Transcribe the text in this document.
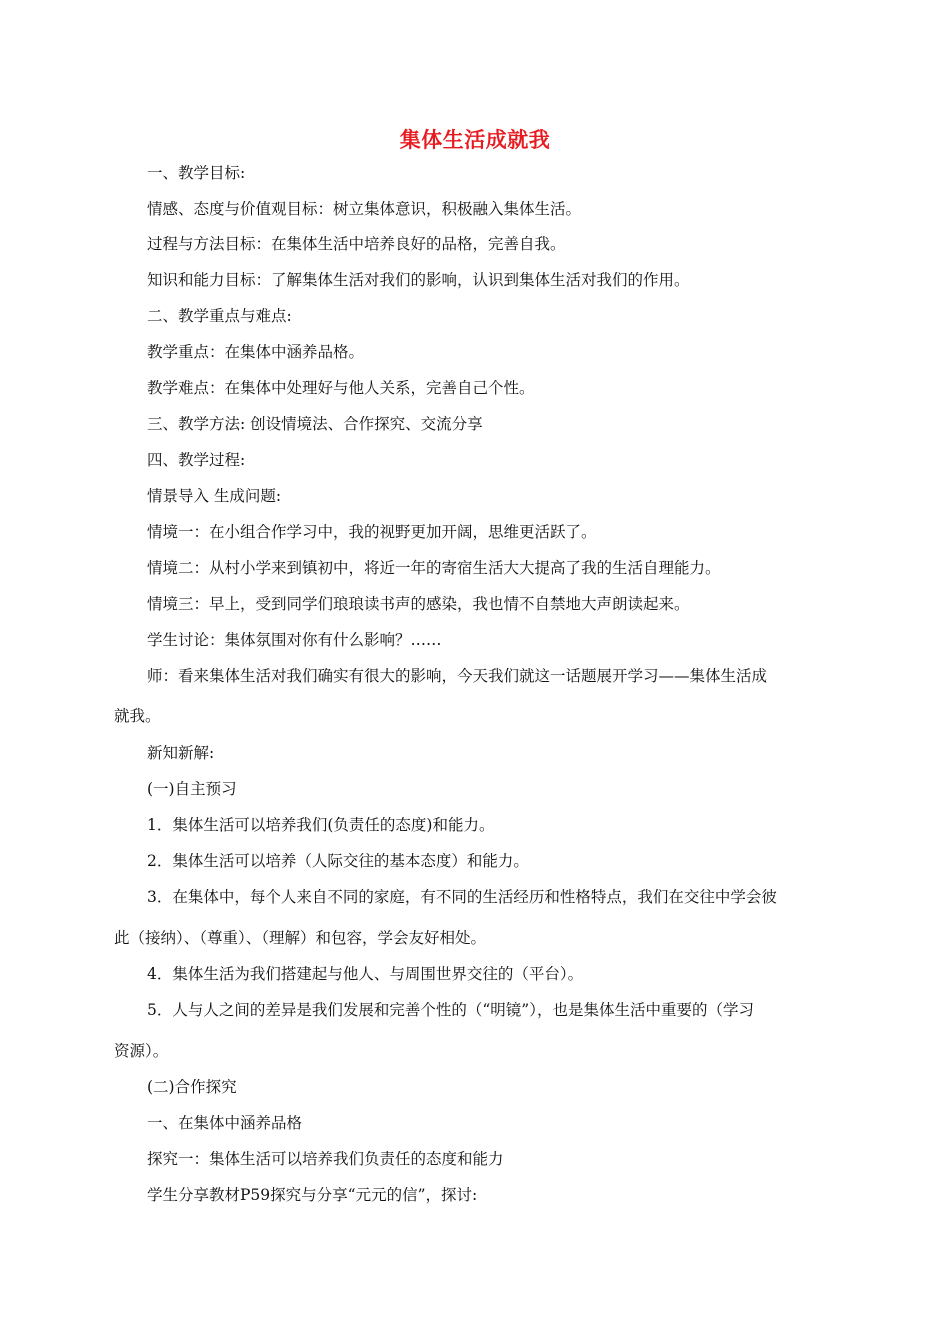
集体生活成就我
一、教学目标:
情感、态度与价值观目标：树立集体意识，积极融入集体生活。
过程与方法目标：在集体生活中培养良好的品格，完善自我。
知识和能力目标：了解集体生活对我们的影响，认识到集体生活对我们的作用。
二、教学重点与难点:
教学重点：在集体中涵养品格。
教学难点：在集体中处理好与他人关系，完善自己个性。
三、教学方法: 创设情境法、合作探究、交流分享
四、教学过程:
情景导入 生成问题:
情境一：在小组合作学习中，我的视野更加开阔，思维更活跃了。
情境二：从村小学来到镇初中，将近一年的寄宿生活大大提高了我的生活自理能力。
情境三：早上，受到同学们琅琅读书声的感染，我也情不自禁地大声朗读起来。
学生讨论：集体氛围对你有什么影响？……
师：看来集体生活对我们确实有很大的影响，今天我们就这一话题展开学习——集体生活成
就我。
新知新解:
(一)自主预习
1．集体生活可以培养我们(负责任的态度)和能力。
2．集体生活可以培养（人际交往的基本态度）和能力。
3．在集体中，每个人来自不同的家庭，有不同的生活经历和性格特点，我们在交往中学会彼
此（接纳）、（尊重）、（理解）和包容，学会友好相处。
4．集体生活为我们搭建起与他人、与周围世界交往的（平台）。
5．人与人之间的差异是我们发展和完善个性的（“明镜”），也是集体生活中重要的（学习
资源）。
(二)合作探究
一、在集体中涵养品格
探究一：集体生活可以培养我们负责任的态度和能力
学生分享教材P59探究与分享“元元的信”，探讨:
